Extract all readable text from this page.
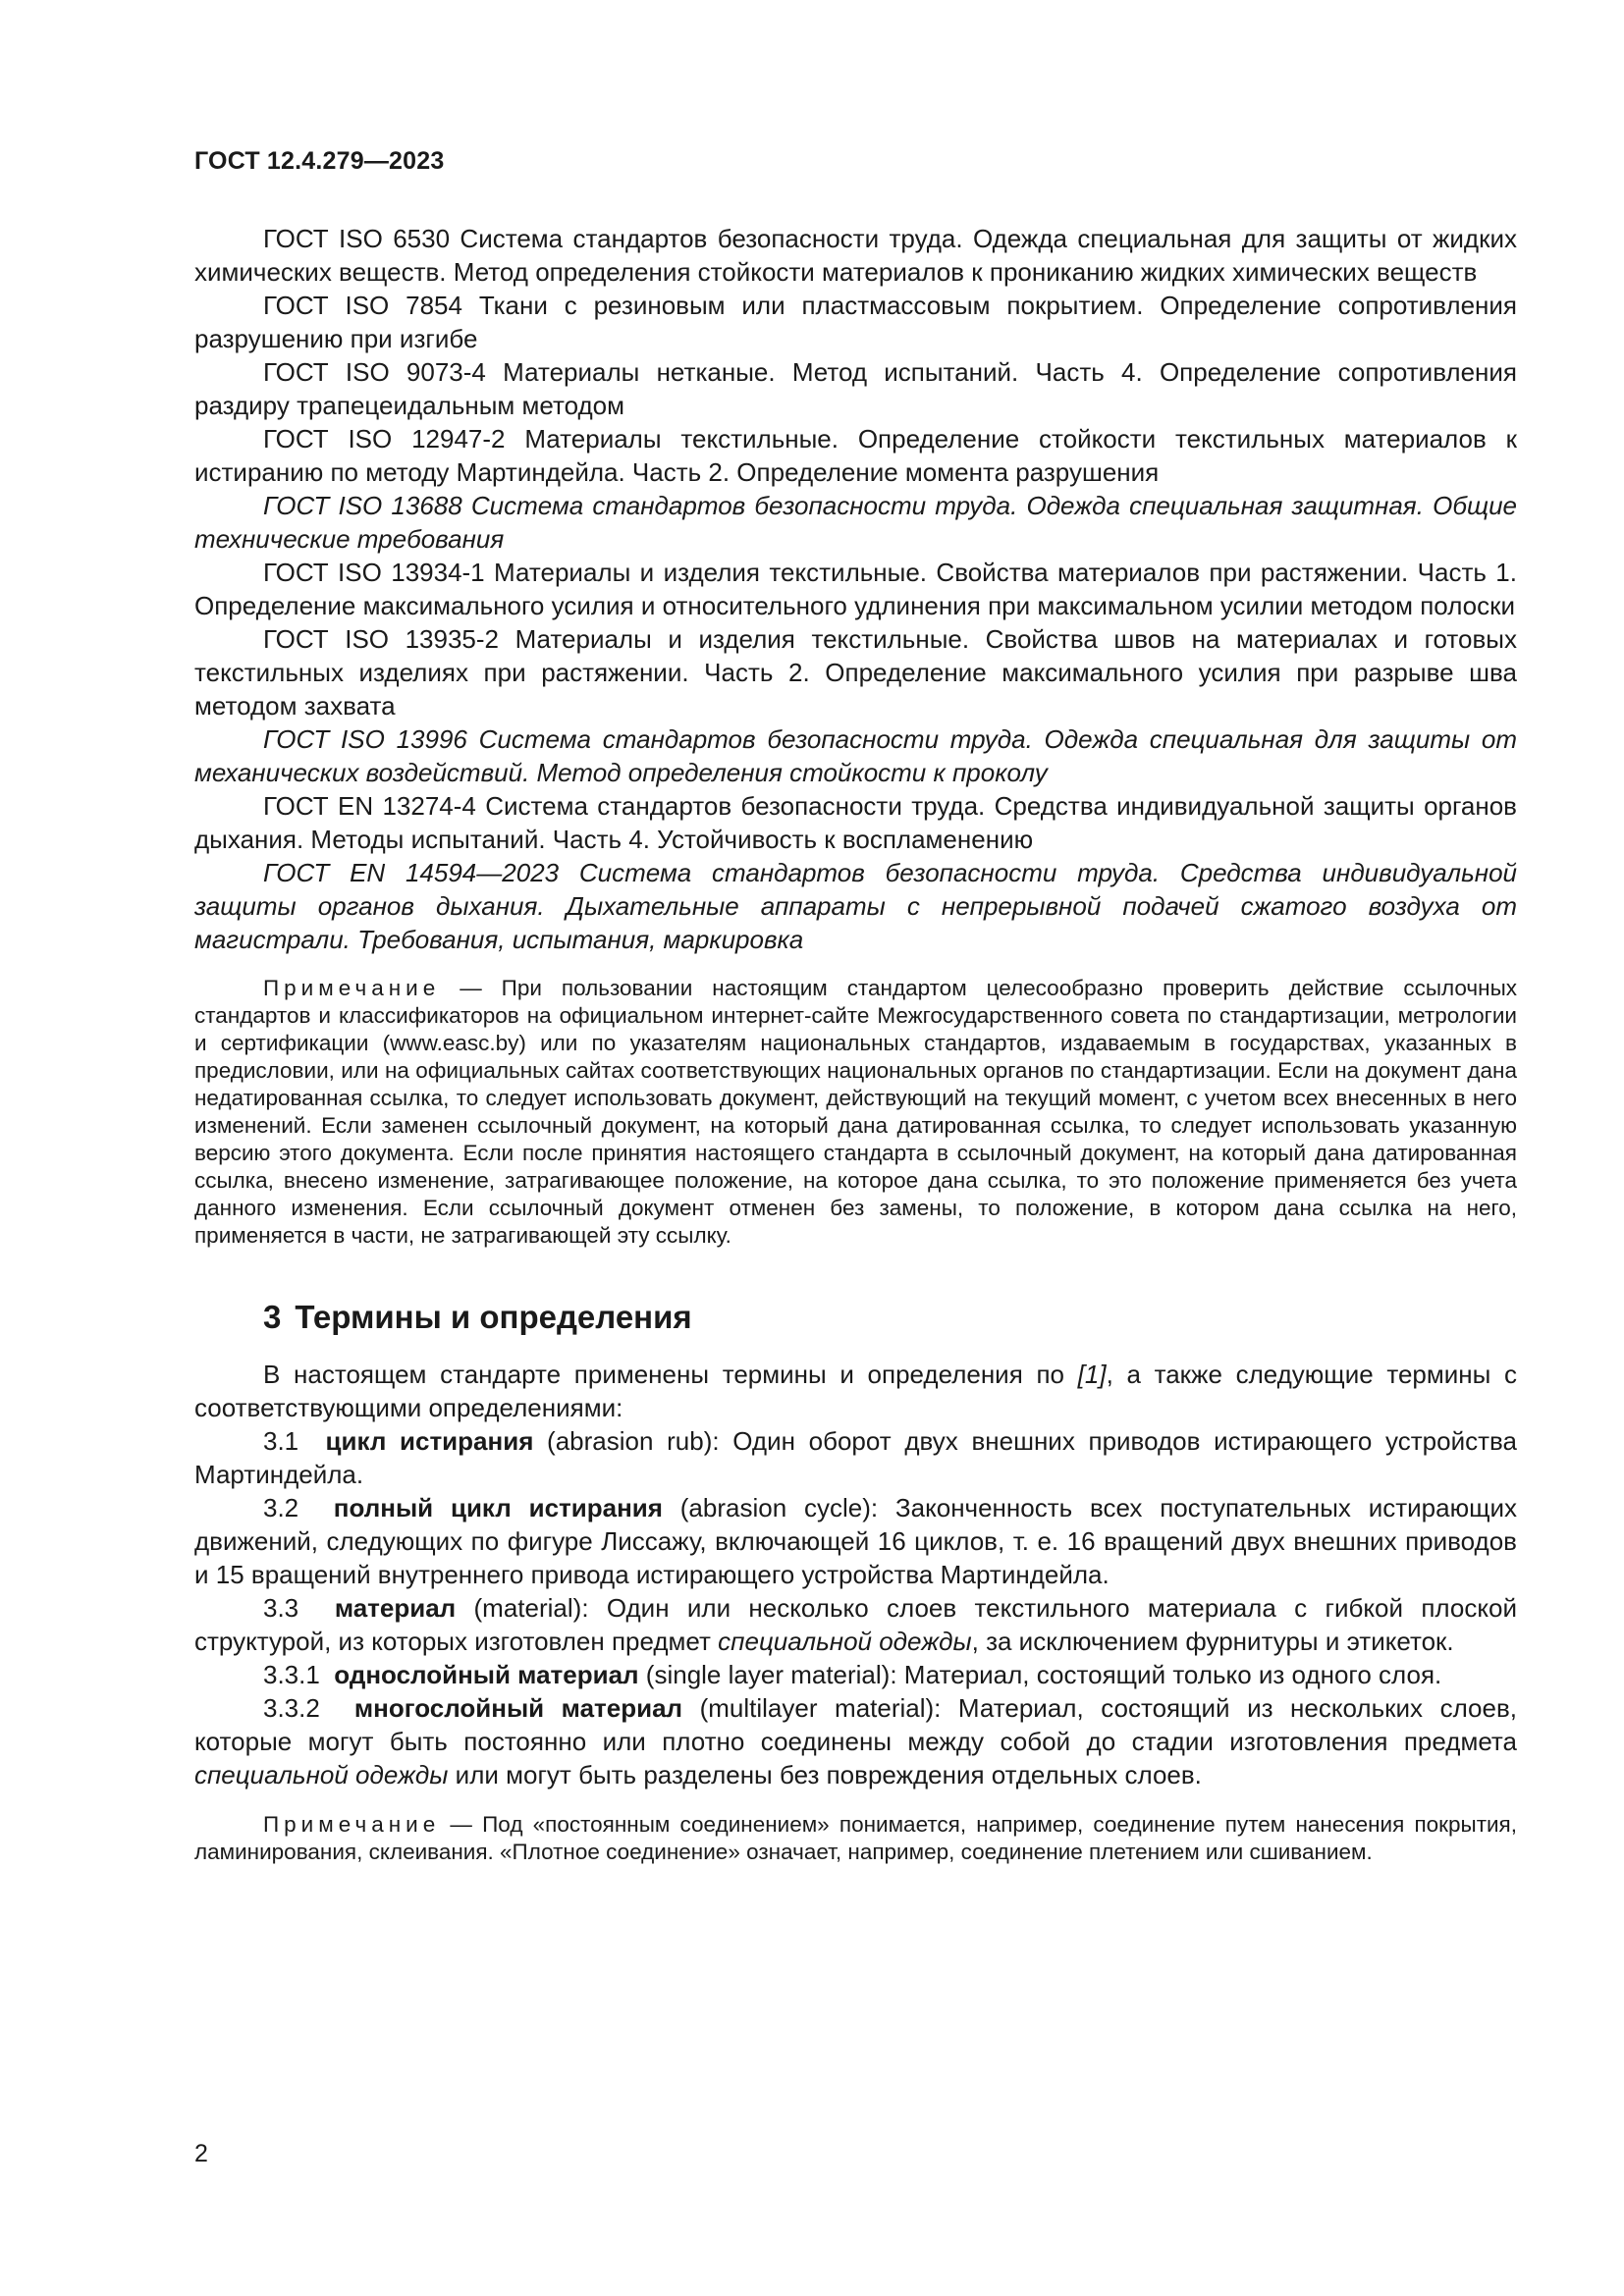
ГОСТ 12.4.279—2023

ГОСТ ISO 6530 Система стандартов безопасности труда. Одежда специальная для защиты от жидких химических веществ. Метод определения стойкости материалов к прониканию жидких химических веществ

ГОСТ ISO 7854 Ткани с резиновым или пластмассовым покрытием. Определение сопротивления разрушению при изгибе

ГОСТ ISO 9073-4 Материалы нетканые. Метод испытаний. Часть 4. Определение сопротивления раздиру трапецеидальным методом

ГОСТ ISO 12947-2 Материалы текстильные. Определение стойкости текстильных материалов к истиранию по методу Мартиндейла. Часть 2. Определение момента разрушения

ГОСТ ISO 13688 Система стандартов безопасности труда. Одежда специальная защитная. Общие технические требования

ГОСТ ISO 13934-1 Материалы и изделия текстильные. Свойства материалов при растяжении. Часть 1. Определение максимального усилия и относительного удлинения при максимальном усилии методом полоски

ГОСТ ISO 13935-2 Материалы и изделия текстильные. Свойства швов на материалах и готовых текстильных изделиях при растяжении. Часть 2. Определение максимального усилия при разрыве шва методом захвата

ГОСТ ISO 13996 Система стандартов безопасности труда. Одежда специальная для защиты от механических воздействий. Метод определения стойкости к проколу

ГОСТ EN 13274-4 Система стандартов безопасности труда. Средства индивидуальной защиты органов дыхания. Методы испытаний. Часть 4. Устойчивость к воспламенению

ГОСТ EN 14594—2023 Система стандартов безопасности труда. Средства индивидуальной защиты органов дыхания. Дыхательные аппараты с непрерывной подачей сжатого воздуха от магистрали. Требования, испытания, маркировка

Примечание — При пользовании настоящим стандартом целесообразно проверить действие ссылочных стандартов и классификаторов на официальном интернет-сайте Межгосударственного совета по стандартизации, метрологии и сертификации (www.easc.by) или по указателям национальных стандартов, издаваемым в государствах, указанных в предисловии, или на официальных сайтах соответствующих национальных органов по стандартизации. Если на документ дана недатированная ссылка, то следует использовать документ, действующий на текущий момент, с учетом всех внесенных в него изменений. Если заменен ссылочный документ, на который дана датированная ссылка, то следует использовать указанную версию этого документа. Если после принятия настоящего стандарта в ссылочный документ, на который дана датированная ссылка, внесено изменение, затрагивающее положение, на которое дана ссылка, то это положение применяется без учета данного изменения. Если ссылочный документ отменен без замены, то положение, в котором дана ссылка на него, применяется в части, не затрагивающей эту ссылку.

3 Термины и определения

В настоящем стандарте применены термины и определения по [1], а также следующие термины с соответствующими определениями:

3.1 цикл истирания (abrasion rub): Один оборот двух внешних приводов истирающего устройства Мартиндейла.

3.2 полный цикл истирания (abrasion cycle): Законченность всех поступательных истирающих движений, следующих по фигуре Лиссажу, включающей 16 циклов, т. е. 16 вращений двух внешних приводов и 15 вращений внутреннего привода истирающего устройства Мартиндейла.

3.3 материал (material): Один или несколько слоев текстильного материала с гибкой плоской структурой, из которых изготовлен предмет специальной одежды, за исключением фурнитуры и этикеток.

3.3.1 однослойный материал (single layer material): Материал, состоящий только из одного слоя.

3.3.2 многослойный материал (multilayer material): Материал, состоящий из нескольких слоев, которые могут быть постоянно или плотно соединены между собой до стадии изготовления предмета специальной одежды или могут быть разделены без повреждения отдельных слоев.

Примечание — Под «постоянным соединением» понимается, например, соединение путем нанесения покрытия, ламинирования, склеивания. «Плотное соединение» означает, например, соединение плетением или сшиванием.

2
